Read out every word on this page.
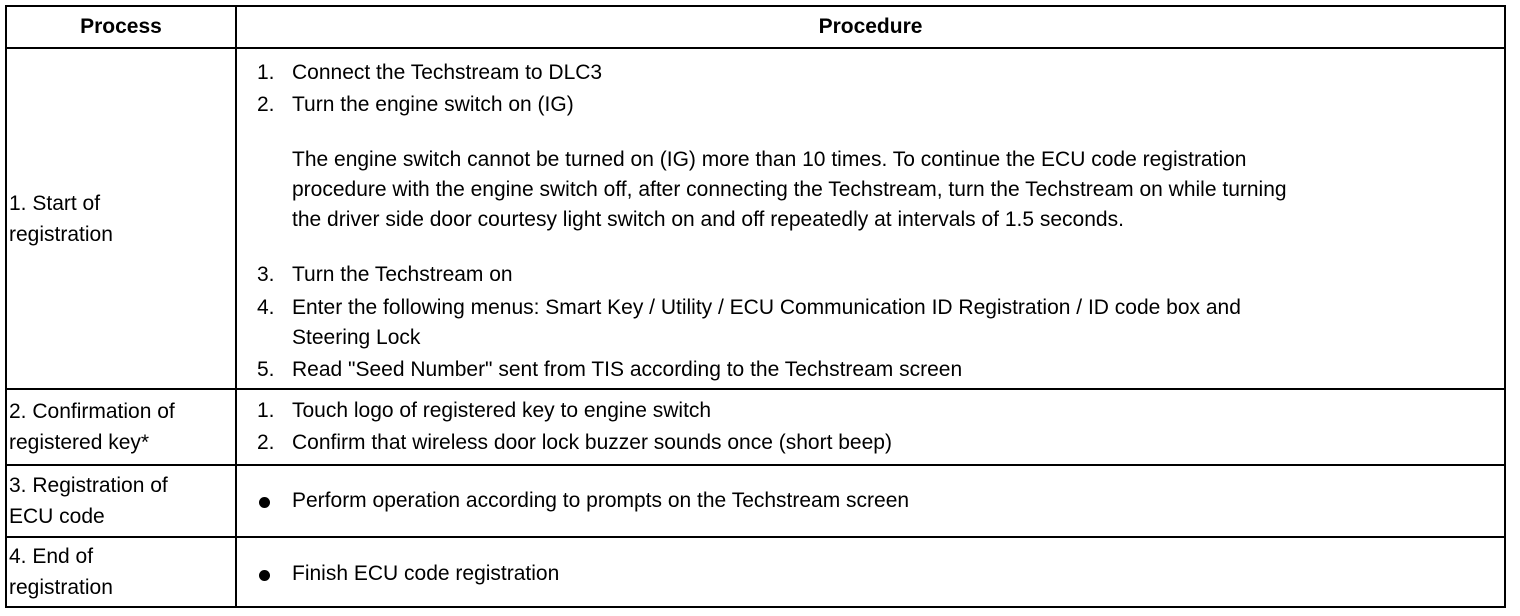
Process	Procedure
1. Start of
registration
1. Connect the Techstream to DLC3
2. Turn the engine switch on (IG)
The engine switch cannot be turned on (IG) more than 10 times. To continue the ECU code registration
procedure with the engine switch off, after connecting the Techstream, turn the Techstream on while turning
the driver side door courtesy light switch on and off repeatedly at intervals of 1.5 seconds.
3. Turn the Techstream on
4. Enter the following menus: Smart Key / Utility / ECU Communication ID Registration / ID code box and
Steering Lock
5. Read "Seed Number" sent from TIS according to the Techstream screen
2. Confirmation of
registered key*
1. Touch logo of registered key to engine switch
2. Confirm that wireless door lock buzzer sounds once (short beep)
3. Registration of
ECU code
Perform operation according to prompts on the Techstream screen
4. End of
registration
Finish ECU code registration
